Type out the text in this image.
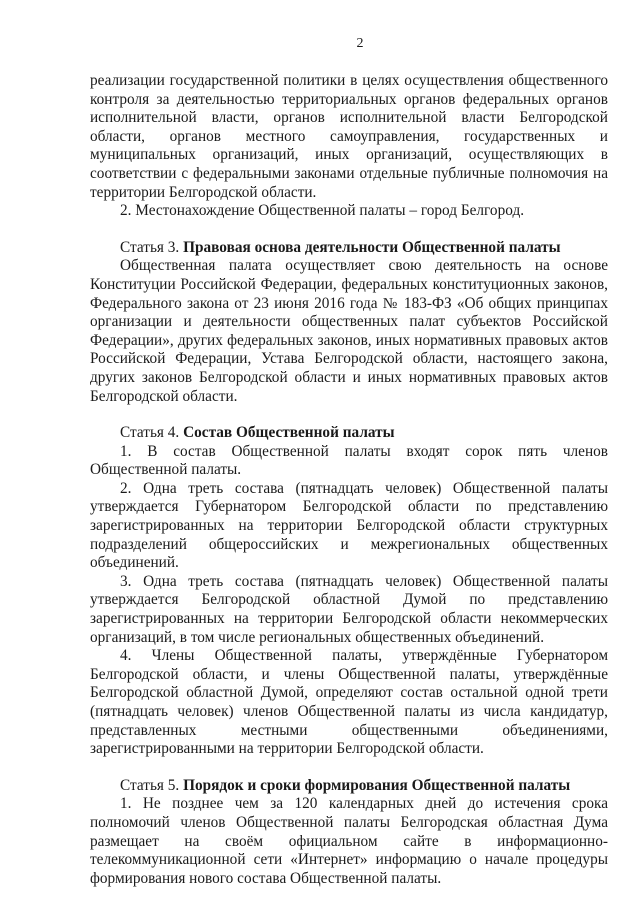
2

реализации государственной политики в целях осуществления общественного контроля за деятельностью территориальных органов федеральных органов исполнительной власти, органов исполнительной власти Белгородской области, органов местного самоуправления, государственных и муниципальных организаций, иных организаций, осуществляющих в соответствии с федеральными законами отдельные публичные полномочия на территории Белгородской области.

2. Местонахождение Общественной палаты – город Белгород.

Статья 3. Правовая основа деятельности Общественной палаты

Общественная палата осуществляет свою деятельность на основе Конституции Российской Федерации, федеральных конституционных законов, Федерального закона от 23 июня 2016 года № 183-ФЗ «Об общих принципах организации и деятельности общественных палат субъектов Российской Федерации», других федеральных законов, иных нормативных правовых актов Российской Федерации, Устава Белгородской области, настоящего закона, других законов Белгородской области и иных нормативных правовых актов Белгородской области.

Статья 4. Состав Общественной палаты

1. В состав Общественной палаты входят сорок пять членов Общественной палаты.

2. Одна треть состава (пятнадцать человек) Общественной палаты утверждается Губернатором Белгородской области по представлению зарегистрированных на территории Белгородской области структурных подразделений общероссийских и межрегиональных общественных объединений.

3. Одна треть состава (пятнадцать человек) Общественной палаты утверждается Белгородской областной Думой по представлению зарегистрированных на территории Белгородской области некоммерческих организаций, в том числе региональных общественных объединений.

4. Члены Общественной палаты, утверждённые Губернатором Белгородской области, и члены Общественной палаты, утверждённые Белгородской областной Думой, определяют состав остальной одной трети (пятнадцать человек) членов Общественной палаты из числа кандидатур, представленных местными общественными объединениями, зарегистрированными на территории Белгородской области.

Статья 5. Порядок и сроки формирования Общественной палаты

1. Не позднее чем за 120 календарных дней до истечения срока полномочий членов Общественной палаты Белгородская областная Дума размещает на своём официальном сайте в информационно-телекоммуникационной сети «Интернет» информацию о начале процедуры формирования нового состава Общественной палаты.
